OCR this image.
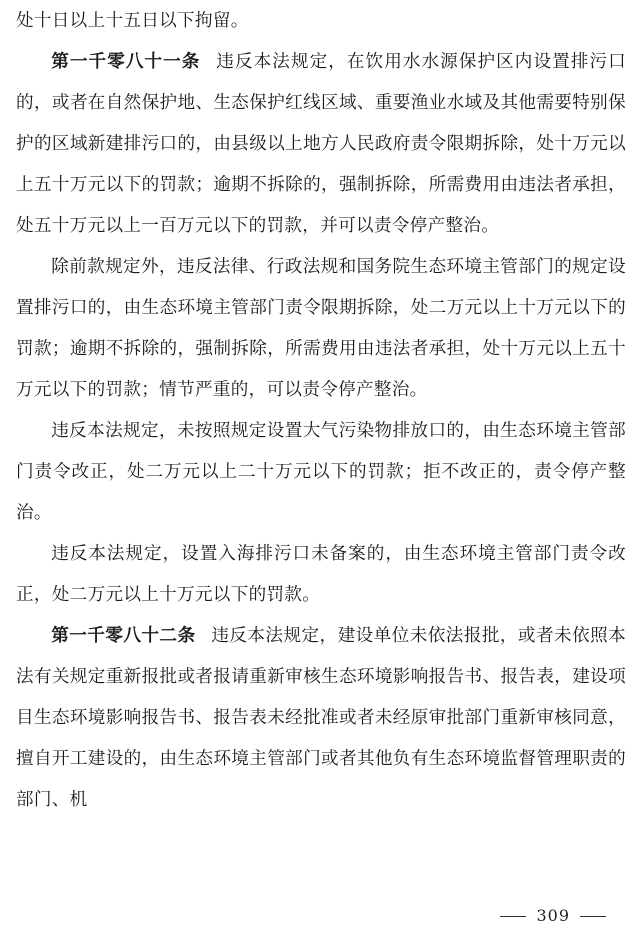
处十日以上十五日以下拘留。

第一千零八十一条 违反本法规定，在饮用水水源保护区内设置排污口的，或者在自然保护地、生态保护红线区域、重要渔业水域及其他需要特别保护的区域新建排污口的，由县级以上地方人民政府责令限期拆除，处十万元以上五十万元以下的罚款；逾期不拆除的，强制拆除，所需费用由违法者承担，处五十万元以上一百万元以下的罚款，并可以责令停产整治。

除前款规定外，违反法律、行政法规和国务院生态环境主管部门的规定设置排污口的，由生态环境主管部门责令限期拆除，处二万元以上十万元以下的罚款；逾期不拆除的，强制拆除，所需费用由违法者承担，处十万元以上五十万元以下的罚款；情节严重的，可以责令停产整治。

违反本法规定，未按照规定设置大气污染物排放口的，由生态环境主管部门责令改正，处二万元以上二十万元以下的罚款；拒不改正的，责令停产整治。

违反本法规定，设置入海排污口未备案的，由生态环境主管部门责令改正，处二万元以上十万元以下的罚款。

第一千零八十二条 违反本法规定，建设单位未依法报批，或者未依照本法有关规定重新报批或者报请重新审核生态环境影响报告书、报告表，建设项目生态环境影响报告书、报告表未经批准或者未经原审批部门重新审核同意，擅自开工建设的，由生态环境主管部门或者其他负有生态环境监督管理职责的部门、机

309
